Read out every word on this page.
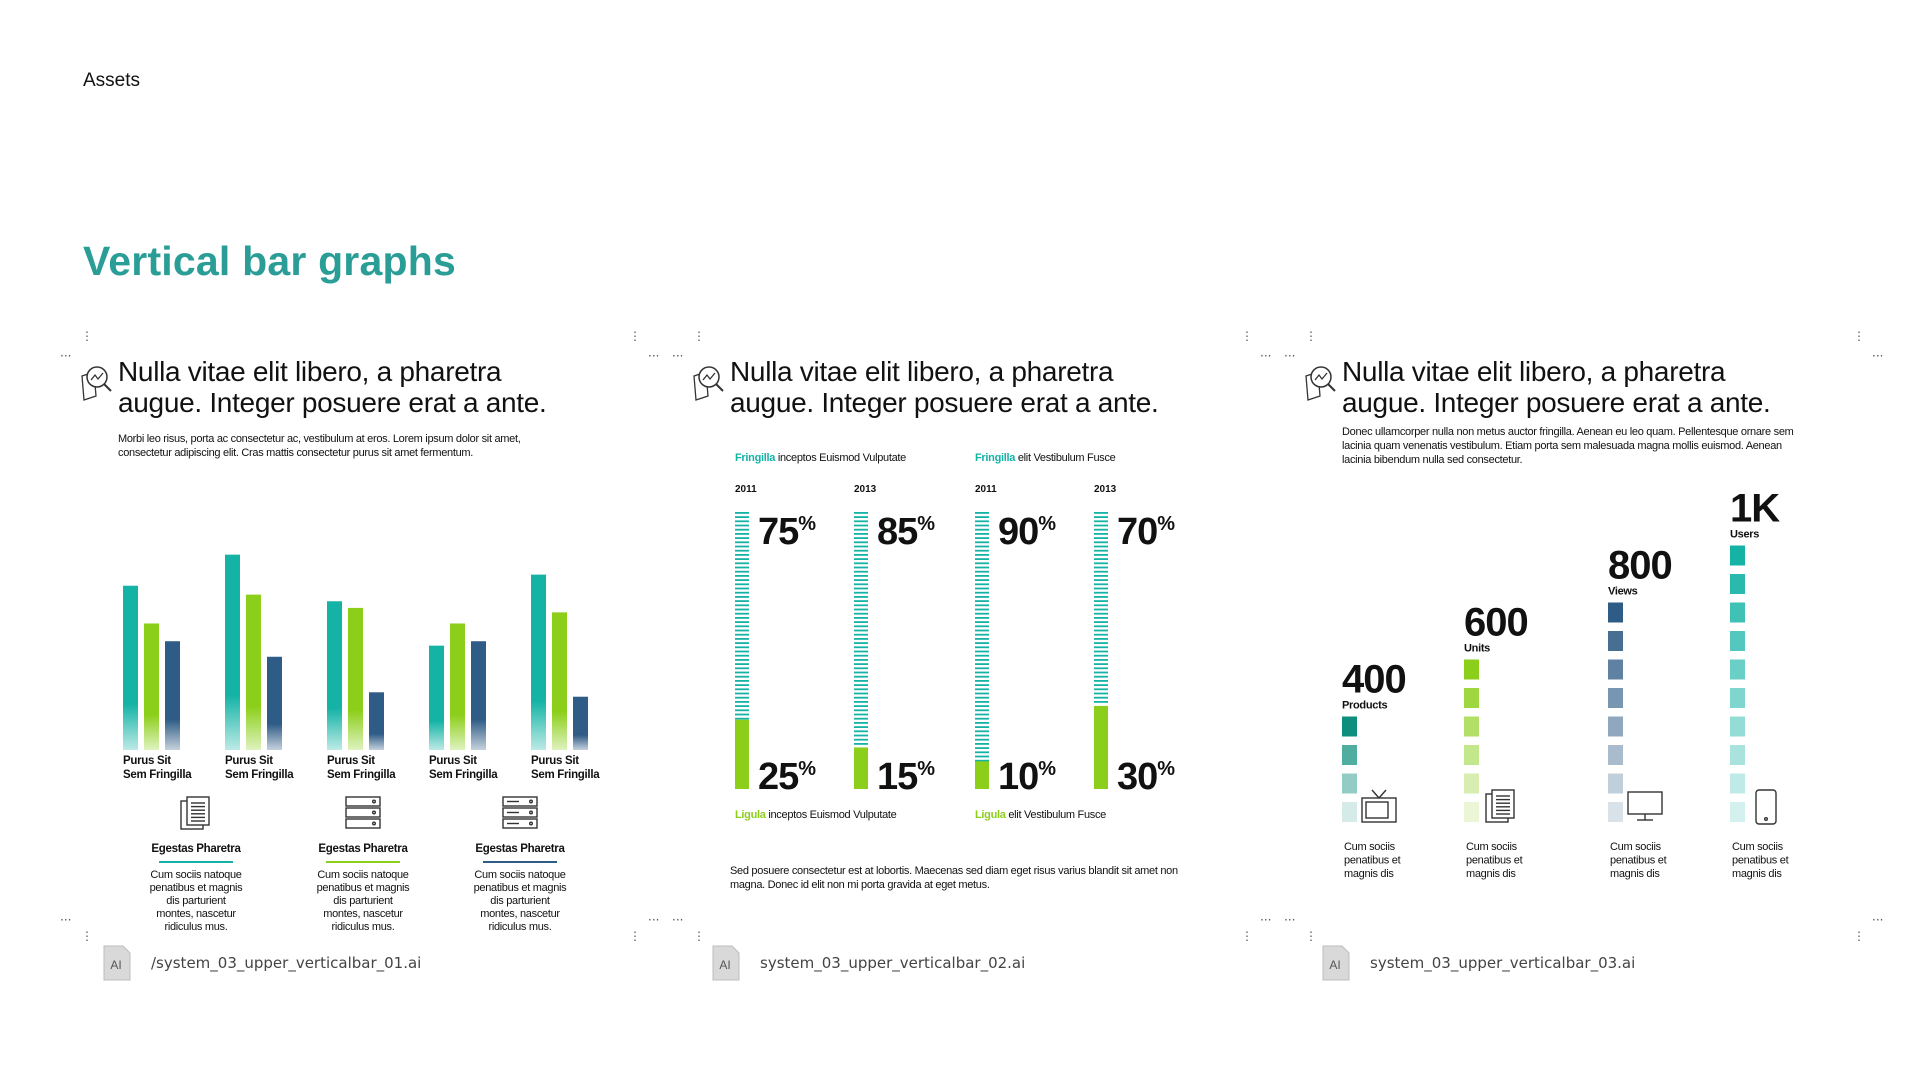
Assets
Vertical bar graphs
⋮
···
⋮
···
···
⋮
···
⋮
Nulla vitae elit libero, a pharetra
augue. Integer posuere erat a ante.
Morbi leo risus, porta ac consectetur ac, vestibulum at eros. Lorem ipsum dolor sit amet, consectetur adipiscing elit. Cras mattis consectetur purus sit amet fermentum.
Purus Sit
Sem Fringilla
Purus Sit
Sem Fringilla
Purus Sit
Sem Fringilla
Purus Sit
Sem Fringilla
Purus Sit
Sem Fringilla
Egestas Pharetra
Cum sociis natoque
penatibus et magnis
dis parturient
montes, nascetur
ridiculus mus.
Egestas Pharetra
Cum sociis natoque
penatibus et magnis
dis parturient
montes, nascetur
ridiculus mus.
Egestas Pharetra
Cum sociis natoque
penatibus et magnis
dis parturient
montes, nascetur
ridiculus mus.
⋮
···
⋮
···
···
⋮
···
⋮
Nulla vitae elit libero, a pharetra
augue. Integer posuere erat a ante.
Fringilla inceptos Euismod Vulputate
Ligula inceptos Euismod Vulputate
2011
75%
25%
2013
85%
15%
Fringilla elit Vestibulum Fusce
Ligula elit Vestibulum Fusce
2011
90%
10%
2013
70%
30%
Sed posuere consectetur est at lobortis. Maecenas sed diam eget risus varius blandit sit amet non magna. Donec id elit non mi porta gravida at eget metus.
⋮
···
⋮
···
···
⋮
···
⋮
Nulla vitae elit libero, a pharetra
augue. Integer posuere erat a ante.
Donec ullamcorper nulla non metus auctor fringilla. Aenean eu leo quam. Pellentesque ornare sem lacinia quam venenatis vestibulum. Etiam porta sem malesuada magna mollis euismod. Aenean lacinia bibendum nulla sed consectetur.
400
Products
Cum sociis
penatibus et
magnis dis
600
Units
Cum sociis
penatibus et
magnis dis
800
Views
Cum sociis
penatibus et
magnis dis
1K
Users
Cum sociis
penatibus et
magnis dis
AI /system_03_upper_verticalbar_01.ai	AI system_03_upper_verticalbar_02.ai	AI system_03_upper_verticalbar_03.ai
